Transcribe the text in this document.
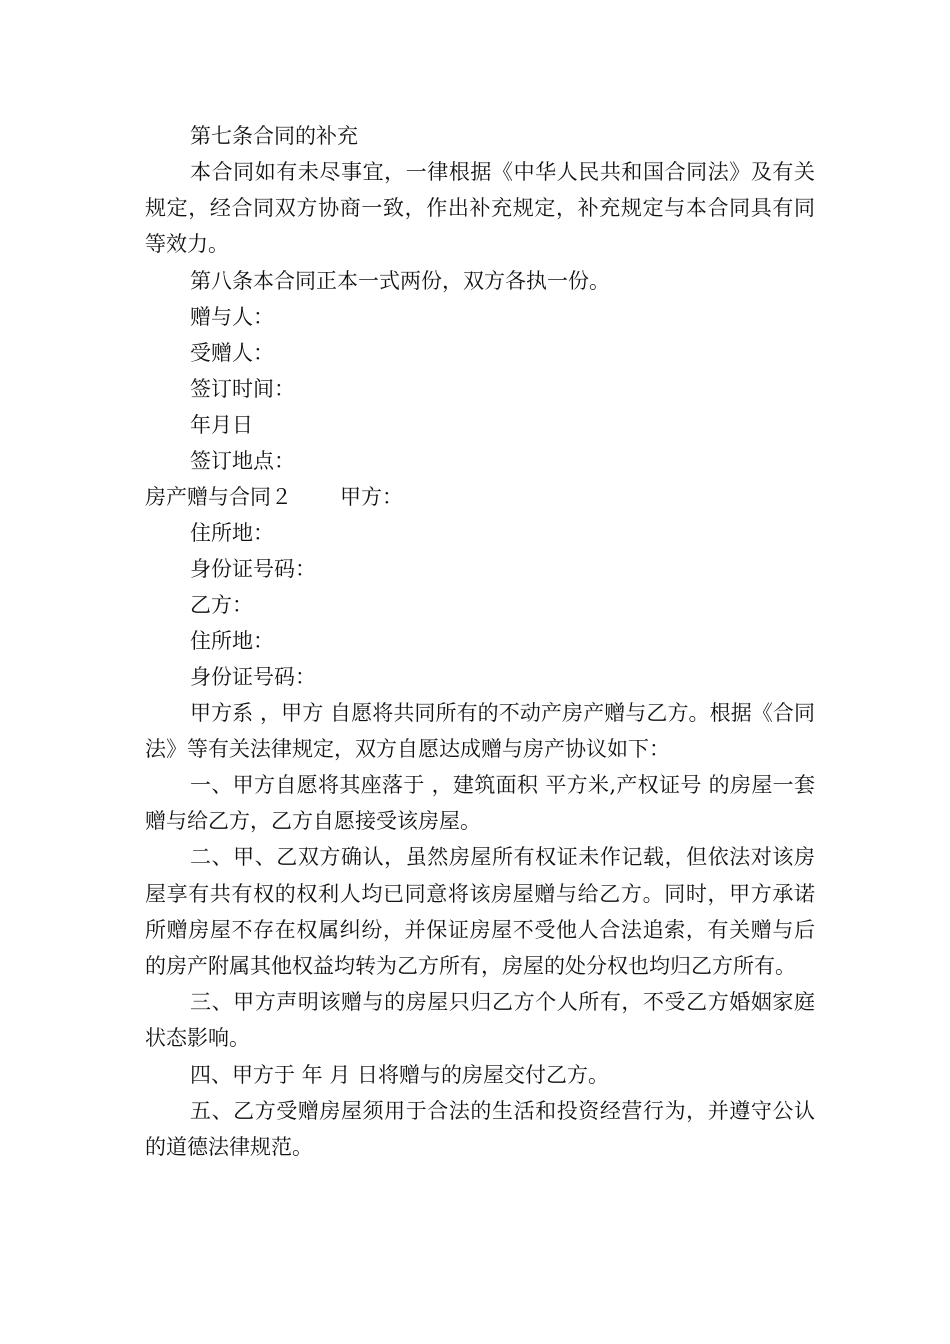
第七条合同的补充
本合同如有未尽事宜，一律根据《中华人民共和国合同法》及有关规定，经合同双方协商一致，作出补充规定，补充规定与本合同具有同等效力。
第八条本合同正本一式两份，双方各执一份。
赠与人：
受赠人：
签订时间：
年月日
签订地点：
房产赠与合同２ 甲方：
住所地：
身份证号码：
乙方：
住所地：
身份证号码：
甲方系 ，甲方 自愿将共同所有的不动产房产赠与乙方。根据《合同法》等有关法律规定，双方自愿达成赠与房产协议如下：
一、甲方自愿将其座落于 ，建筑面积 平方米,产权证号 的房屋一套赠与给乙方，乙方自愿接受该房屋。
二、甲、乙双方确认，虽然房屋所有权证未作记载，但依法对该房屋享有共有权的权利人均已同意将该房屋赠与给乙方。同时，甲方承诺所赠房屋不存在权属纠纷，并保证房屋不受他人合法追索，有关赠与后的房产附属其他权益均转为乙方所有，房屋的处分权也均归乙方所有。
三、甲方声明该赠与的房屋只归乙方个人所有，不受乙方婚姻家庭状态影响。
四、甲方于 年 月 日将赠与的房屋交付乙方。
五、乙方受赠房屋须用于合法的生活和投资经营行为，并遵守公认的道德法律规范。
